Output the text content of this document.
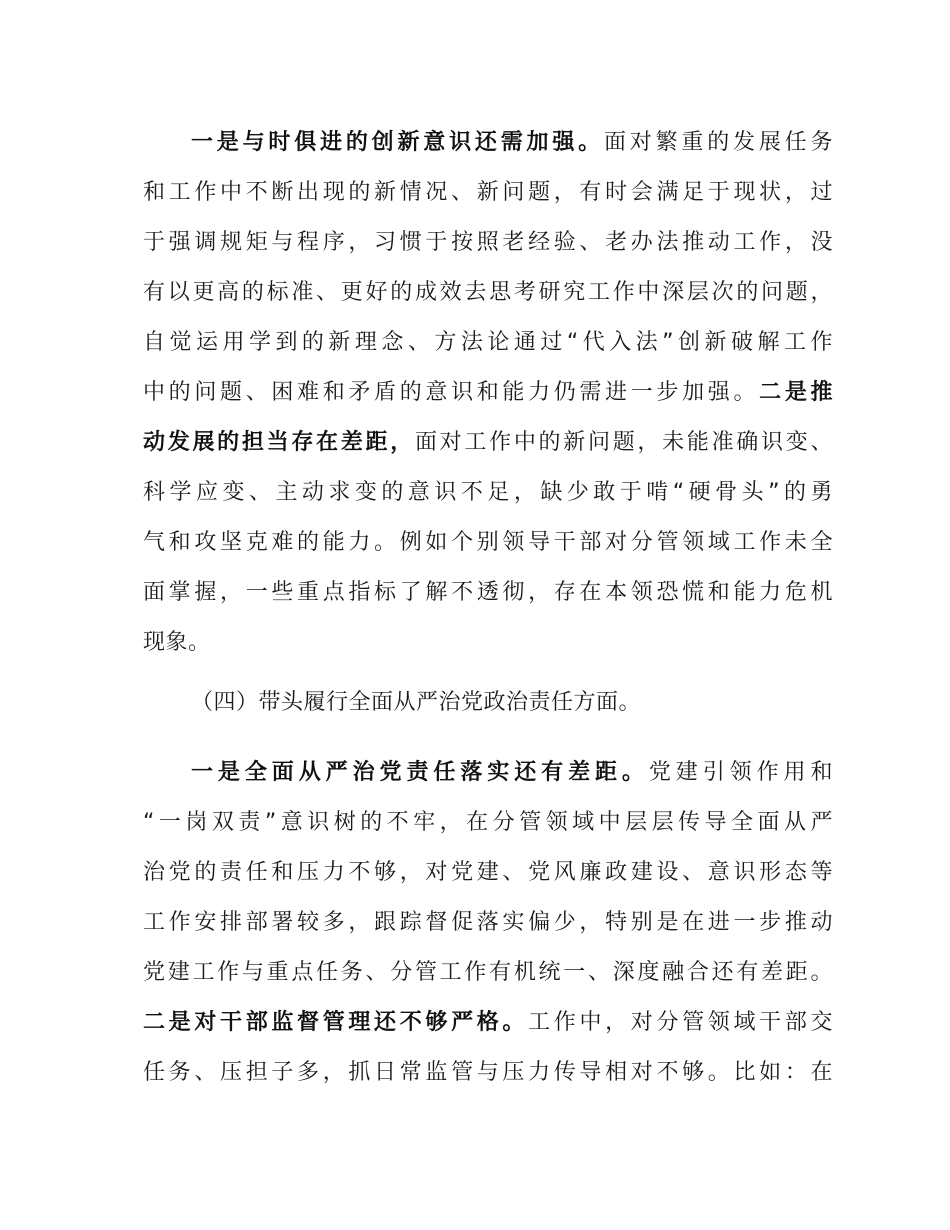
一是与时俱进的创新意识还需加强。面对繁重的发展任务
和工作中不断出现的新情况、新问题，有时会满足于现状，过
于强调规矩与程序，习惯于按照老经验、老办法推动工作，没
有以更高的标准、更好的成效去思考研究工作中深层次的问题，
自觉运用学到的新理念、方法论通过“代入法”创新破解工作
中的问题、困难和矛盾的意识和能力仍需进一步加强。二是推
动发展的担当存在差距，面对工作中的新问题，未能准确识变、
科学应变、主动求变的意识不足，缺少敢于啃“硬骨头”的勇
气和攻坚克难的能力。例如个别领导干部对分管领域工作未全
面掌握，一些重点指标了解不透彻，存在本领恐慌和能力危机
现象。
（四）带头履行全面从严治党政治责任方面。
一是全面从严治党责任落实还有差距。党建引领作用和
“一岗双责”意识树的不牢，在分管领域中层层传导全面从严
治党的责任和压力不够，对党建、党风廉政建设、意识形态等
工作安排部署较多，跟踪督促落实偏少，特别是在进一步推动
党建工作与重点任务、分管工作有机统一、深度融合还有差距。
二是对干部监督管理还不够严格。工作中，对分管领域干部交
任务、压担子多，抓日常监管与压力传导相对不够。比如：在
